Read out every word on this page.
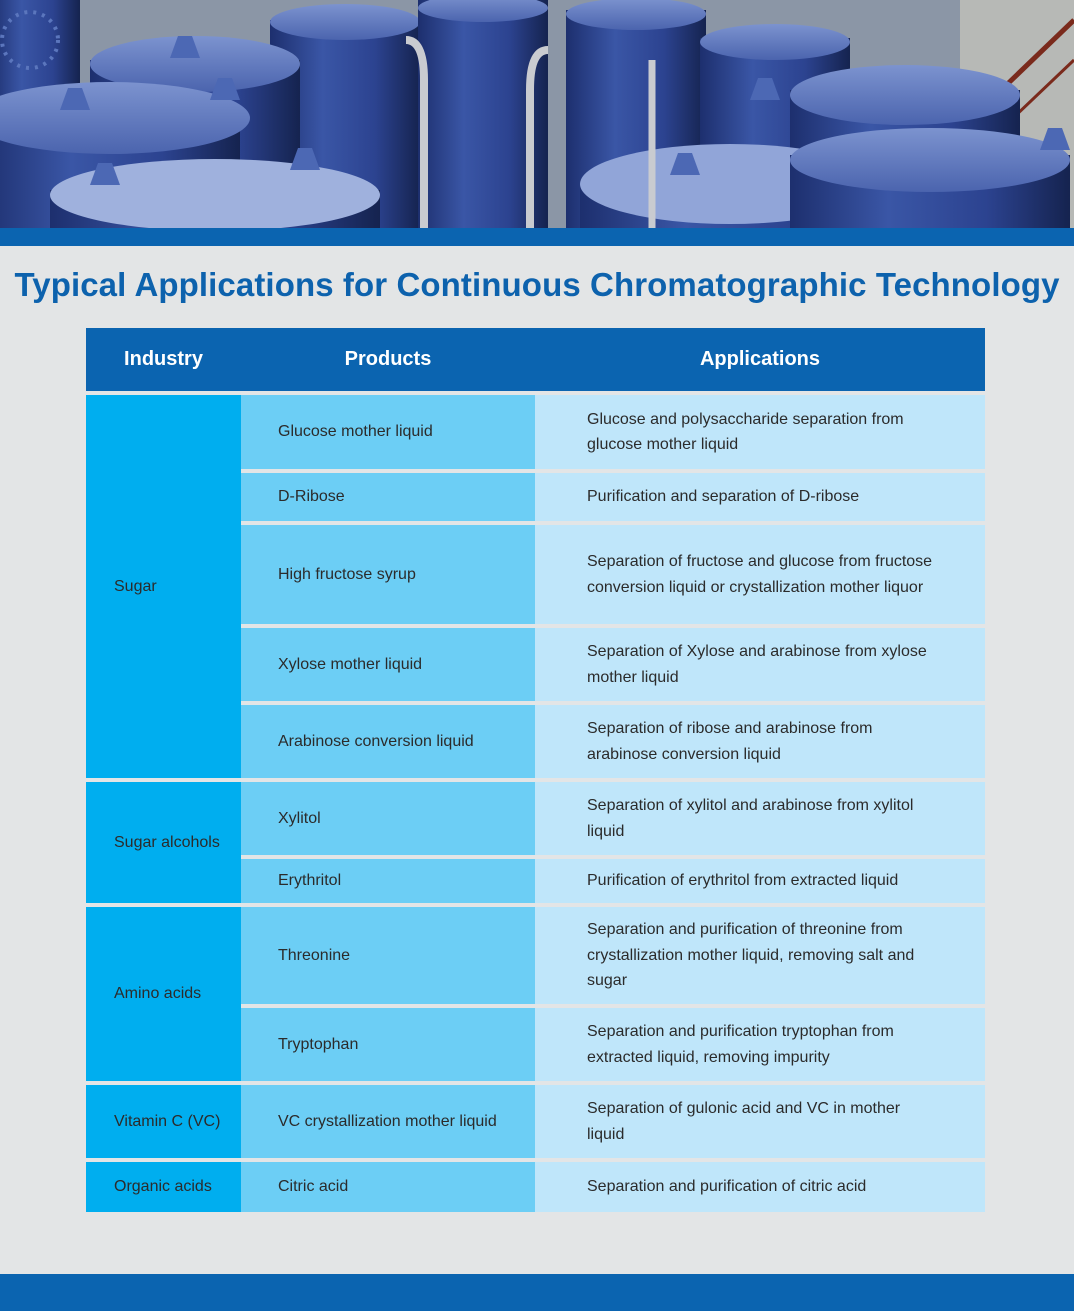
Typical Applications for Continuous Chromatographic Technology
Industry	Products	Applications
Sugar	Glucose mother liquid	Glucose and polysaccharide separation from glucose mother liquid
	D-Ribose	Purification and separation of D-ribose
	High fructose syrup	Separation of fructose and glucose from fructose conversion liquid or crystallization mother liquor
	Xylose mother liquid	Separation of Xylose and arabinose from xylose mother liquid
	Arabinose conversion liquid	Separation of ribose and arabinose from arabinose conversion liquid
Sugar alcohols	Xylitol	Separation of xylitol and arabinose from xylitol liquid
	Erythritol	Purification of erythritol from extracted liquid
Amino acids	Threonine	Separation and purification of threonine from crystallization mother liquid, removing salt and sugar
	Tryptophan	Separation and purification tryptophan from extracted liquid, removing impurity
Vitamin C (VC)	VC crystallization mother liquid	Separation of gulonic acid and VC in mother liquid
Organic acids	Citric acid	Separation and purification of citric acid
